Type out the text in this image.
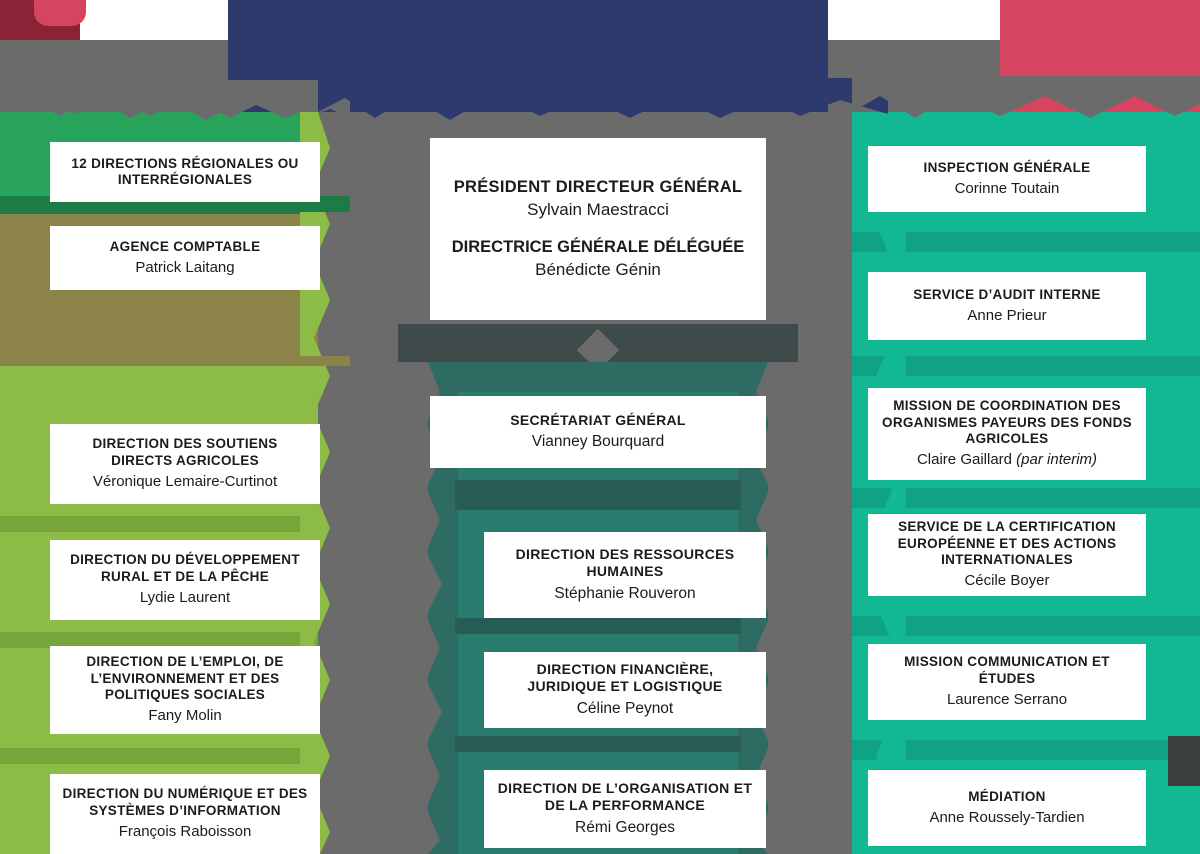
12 DIRECTIONS RÉGIONALES OU INTERRÉGIONALES
AGENCE COMPTABLE
Patrick Laitang
DIRECTION DES SOUTIENS DIRECTS AGRICOLES
Véronique Lemaire-Curtinot
DIRECTION DU DÉVELOPPEMENT RURAL ET DE LA PÊCHE
Lydie Laurent
DIRECTION DE L’EMPLOI, DE L’ENVIRONNEMENT ET DES POLITIQUES SOCIALES
Fany Molin
DIRECTION DU NUMÉRIQUE ET DES SYSTÈMES D’INFORMATION
François Raboisson
PRÉSIDENT DIRECTEUR GÉNÉRAL
Sylvain Maestracci
DIRECTRICE GÉNÉRALE DÉLÉGUÉE
Bénédicte Génin
SECRÉTARIAT GÉNÉRAL
Vianney Bourquard
DIRECTION DES RESSOURCES HUMAINES
Stéphanie Rouveron
DIRECTION FINANCIÈRE, JURIDIQUE ET LOGISTIQUE
Céline Peynot
DIRECTION DE L’ORGANISATION ET DE LA PERFORMANCE
Rémi Georges
INSPECTION GÉNÉRALE
Corinne Toutain
SERVICE D’AUDIT INTERNE
Anne Prieur
MISSION DE COORDINATION DES ORGANISMES PAYEURS DES FONDS AGRICOLES
Claire Gaillard (par interim)
SERVICE DE LA CERTIFICATION EUROPÉENNE ET DES ACTIONS INTERNATIONALES
Cécile Boyer
MISSION COMMUNICATION ET ÉTUDES
Laurence Serrano
MÉDIATION
Anne Roussely-Tardien
